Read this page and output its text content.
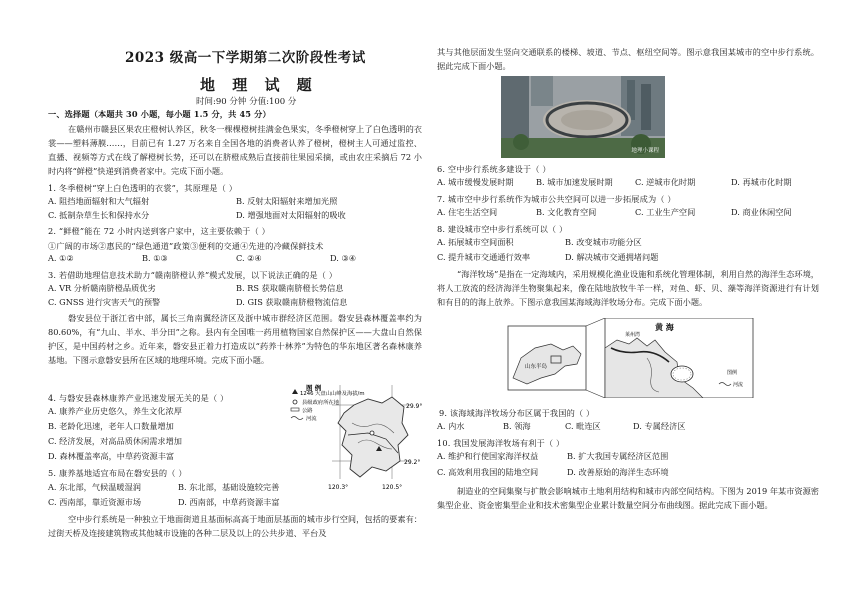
2023 级高一下学期第二次阶段性考试
地 理 试 题
时间:90 分钟 分值:100 分
一、选择题（本题共 30 小题，每小题 1.5 分，共 45 分）
在赣州市赣县区果农庄橙树认养区，秋冬一棵棵橙树挂满金色果实，冬季橙树穿上了白色透明的衣裳——塑料薄膜……，目前已有 1.27 万名来自全国各地的消费者认养了橙树，橙树主人可通过监控、直播、视频等方式在线了解橙树长势，还可以在脐橙成熟后直接前往果园采摘，或由农庄采摘后 72 小时内将“鲜橙”快递到消费者家中。完成下面小题。
1. 冬季橙树“穿上白色透明的衣裳”，其原理是（ ）
A. 阻挡地面辐射和大气辐射	B. 反射太阳辐射来增加光照
C. 抵制杂草生长和保持水分	D. 增强地面对太阳辐射的吸收
2. “鲜橙”能在 72 小时内送到客户家中，这主要依赖于（ ）
①广阔的市场②惠民的“绿色通道”政策③便利的交通④先进的冷藏保鲜技术
A. ①②	B. ①③	C. ②④	D. ③④
3. 若借助地理信息技术助力“赣南脐橙认养”模式发展，以下说法正确的是（ ）
A. VR 分析赣南脐橙品质优劣	B. RS 获取赣南脐橙长势信息
C. GNSS 进行灾害天气的预警	D. GIS 获取赣南脐橙物流信息
磐安县位于浙江省中部，属长三角南翼经济区及浙中城市群经济区范围。磐安县森林覆盖率约为 80.60%，有“九山、半水、半分田”之称。县内有全国唯一药用植物国家自然保护区——大盘山自然保护区，是中国药材之乡。近年来，磐安县正着力打造成以“药养十林养”为特色的华东地区著名森林康养基地。下图示意磐安县所在区域的地理环境。完成下面小题。
4. 与磐安县森林康养产业迅速发展无关的是（ ）
A. 康养产业历史悠久，养生文化浓厚
B. 老龄化迅速，老年人口数量增加
C. 经济发展，对高品质休闲需求增加
D. 森林覆盖率高，中草药资源丰富
5. 康养基地适宜布局在磐安县的（ ）
A. 东北部，气候温暖湿润	B. 东北部，基础设施较完善
C. 西南部，靠近资源市场	D. 西南部，中草药资源丰富
图 例
1246 大盘山山峰及海拔/m
县级政府所在地
公路
河流
29.9°
29.2°
120.3°	120.5°
空中步行系统是一种独立于地面街道且基面标高高于地面层基面的城市步行空间，包括的要素有：过街天桥及连接建筑物或其他城市设施的各种二层及以上的公共步道、平台及
其与其他层面发生竖向交通联系的楼梯、坡道、节点、枢纽空间等。图示意我国某城市的空中步行系统。据此完成下面小题。
地理小课程
6. 空中步行系统多建设于（ ）
A. 城市缓慢发展时期	B. 城市加速发展时期	C. 逆城市化时期	D. 再城市化时期
7. 城市空中步行系统作为城市公共空间可以进一步拓展成为（ ）
A. 住宅生活空间	B. 文化教育空间	C. 工业生产空间	D. 商业休闲空间
8. 建设城市空中步行系统可以（ ）
A. 拓展城市空间面积	B. 改变城市功能分区
C. 提升城市交通通行效率	D. 解决城市交通拥堵问题
“海洋牧场”是指在一定海域内，采用规模化渔业设施和系统化管理体制，利用自然的海洋生态环境，将人工放流的经济海洋生物聚集起来，像在陆地放牧牛羊一样，对鱼、虾、贝、藻等海洋资源进行有计划和有目的的海上放养。下图示意我国某海域海洋牧场分布。完成下面小题。
山东半岛
黄 海
莱州湾
图例
河流
9. 该海域海洋牧场分布区属于我国的（ ）
A. 内水	B. 领海	C. 毗连区	D. 专属经济区
10. 我国发展海洋牧场有利于（ ）
A. 维护和行使国家海洋权益	B. 扩大我国专属经济区范围
C. 高效利用我国的陆地空间	D. 改善原始的海洋生态环境
制造业的空间集聚与扩散会影响城市土地利用结构和城市内部空间结构。下图为 2019 年某市资源密集型企业、资金密集型企业和技术密集型企业累计数量空间分布曲线图。据此完成下面小题。
